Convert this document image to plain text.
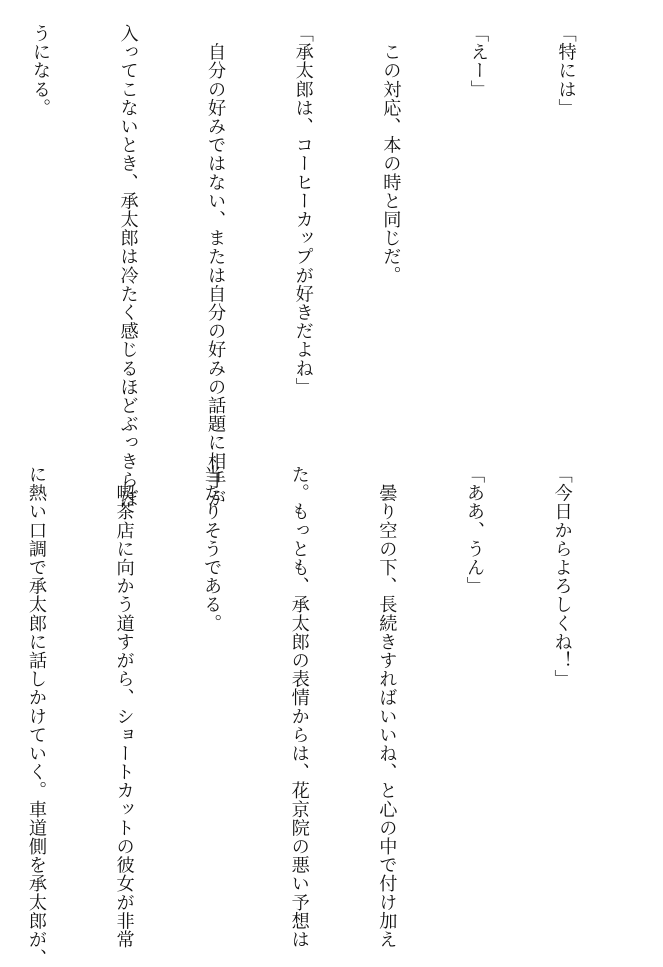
「特には」

「えー」

　この対応、本の時と同じだ。

「承太郎は、コーヒーカップが好きだよね」

　自分の好みではない、または自分の好みの話題に相手が

入ってこないとき、承太郎は冷たく感じるほどぶっきらぼ

うになる。

「今日からよろしくね！」

「ああ、うん」

　曇り空の下、長続きすればいいね、と心の中で付け加え

た。もっとも、承太郎の表情からは、花京院の悪い予想は

当たりそうである。

　喫茶店に向かう道すがら、ショートカットの彼女が非常

に熱い口調で承太郎に話しかけていく。車道側を承太郎が、
